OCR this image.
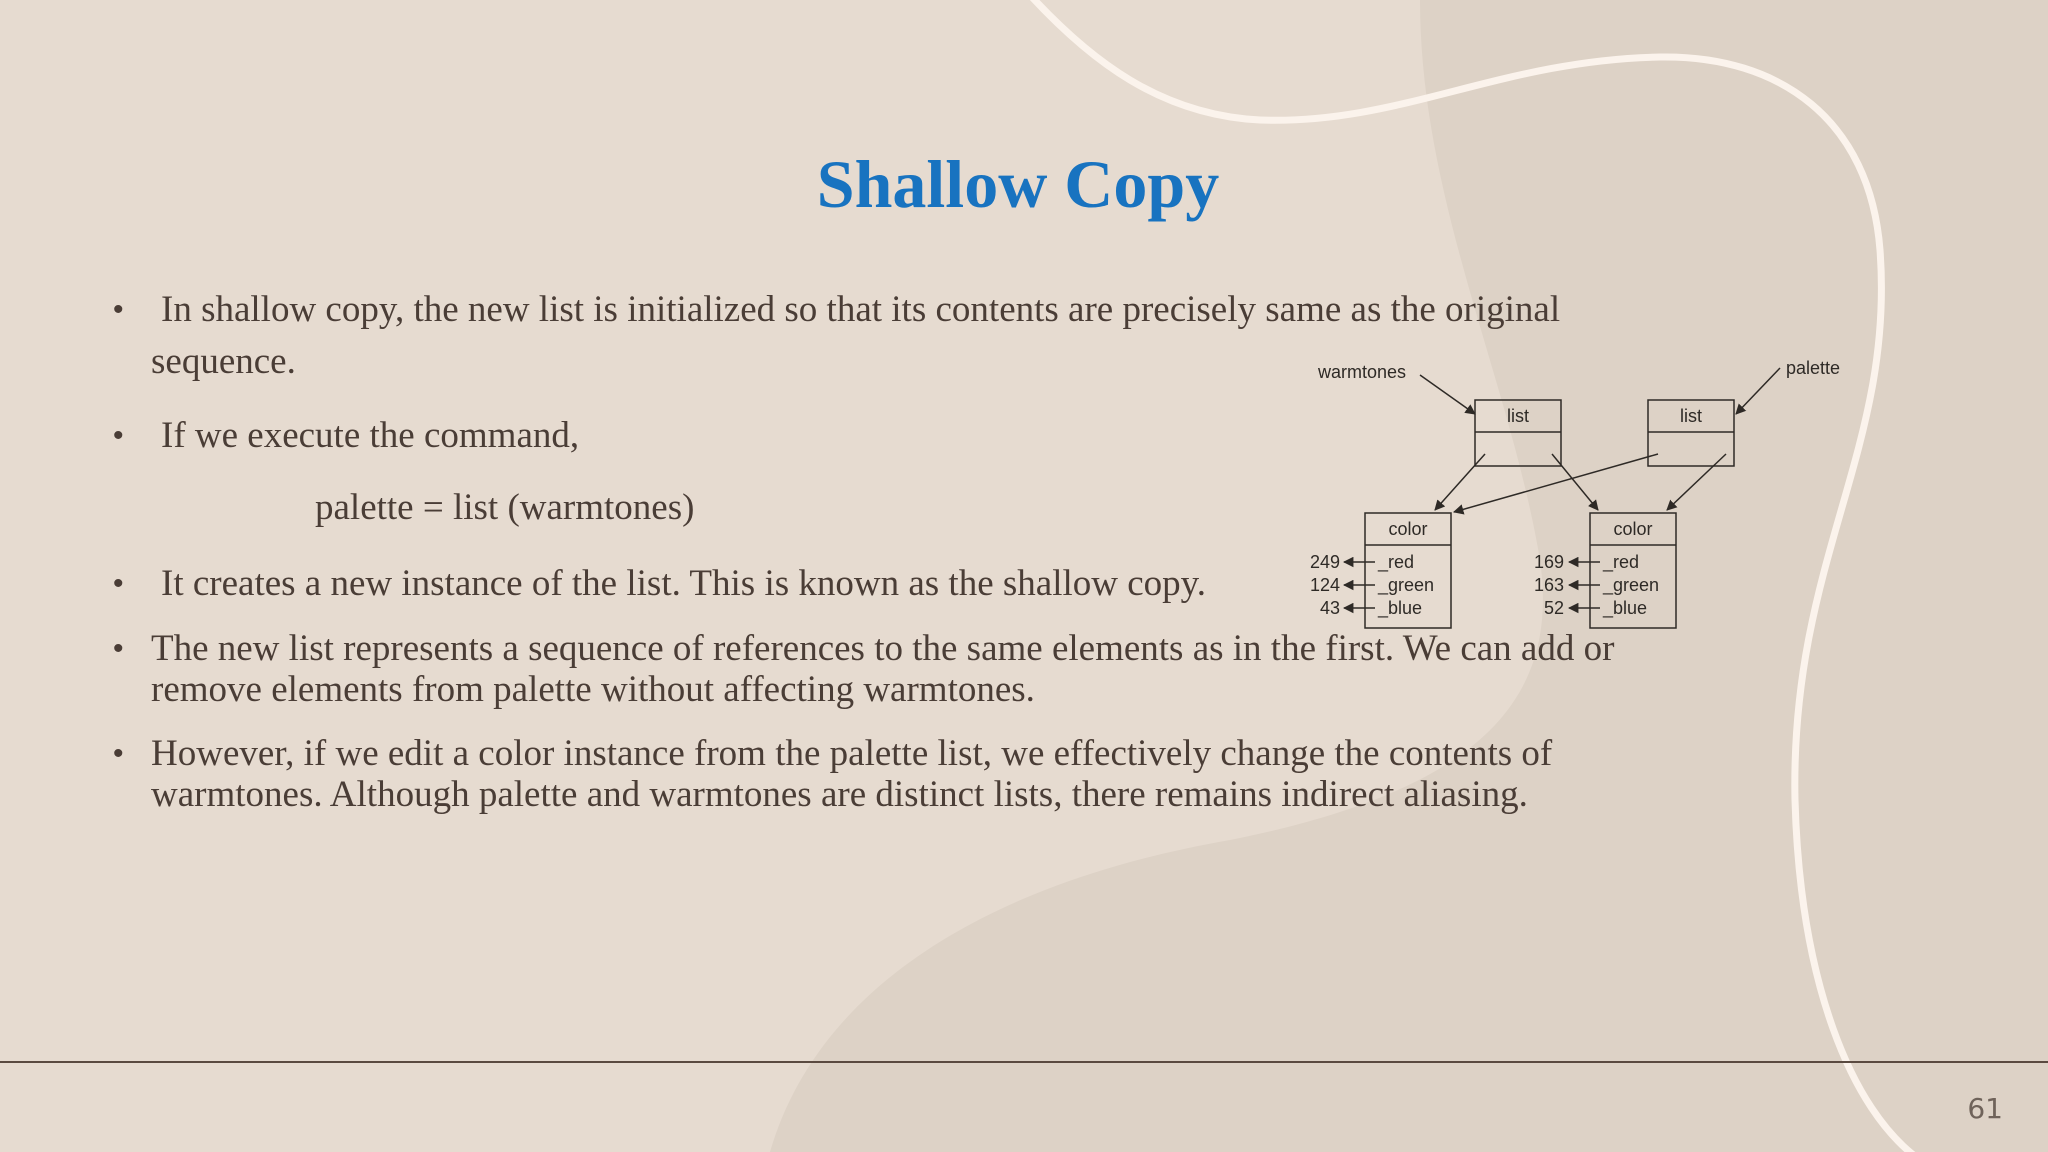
Shallow Copy
• In shallow copy, the new list is initialized so that its contents are precisely same as the original sequence.
• If we execute the command,
palette = list (warmtones)
• It creates a new instance of the list. This is known as the shallow copy.
• The new list represents a sequence of references to the same elements as in the first. We can add or remove elements from palette without affecting warmtones.
• However, if we edit a color instance from the palette list, we effectively change the contents of warmtones. Although palette and warmtones are distinct lists, there remains indirect aliasing.
warmtones	palette
list	list
color	color
_red
_green
_blue
_red
_green
_blue
249
124
43
169
163
52
61
